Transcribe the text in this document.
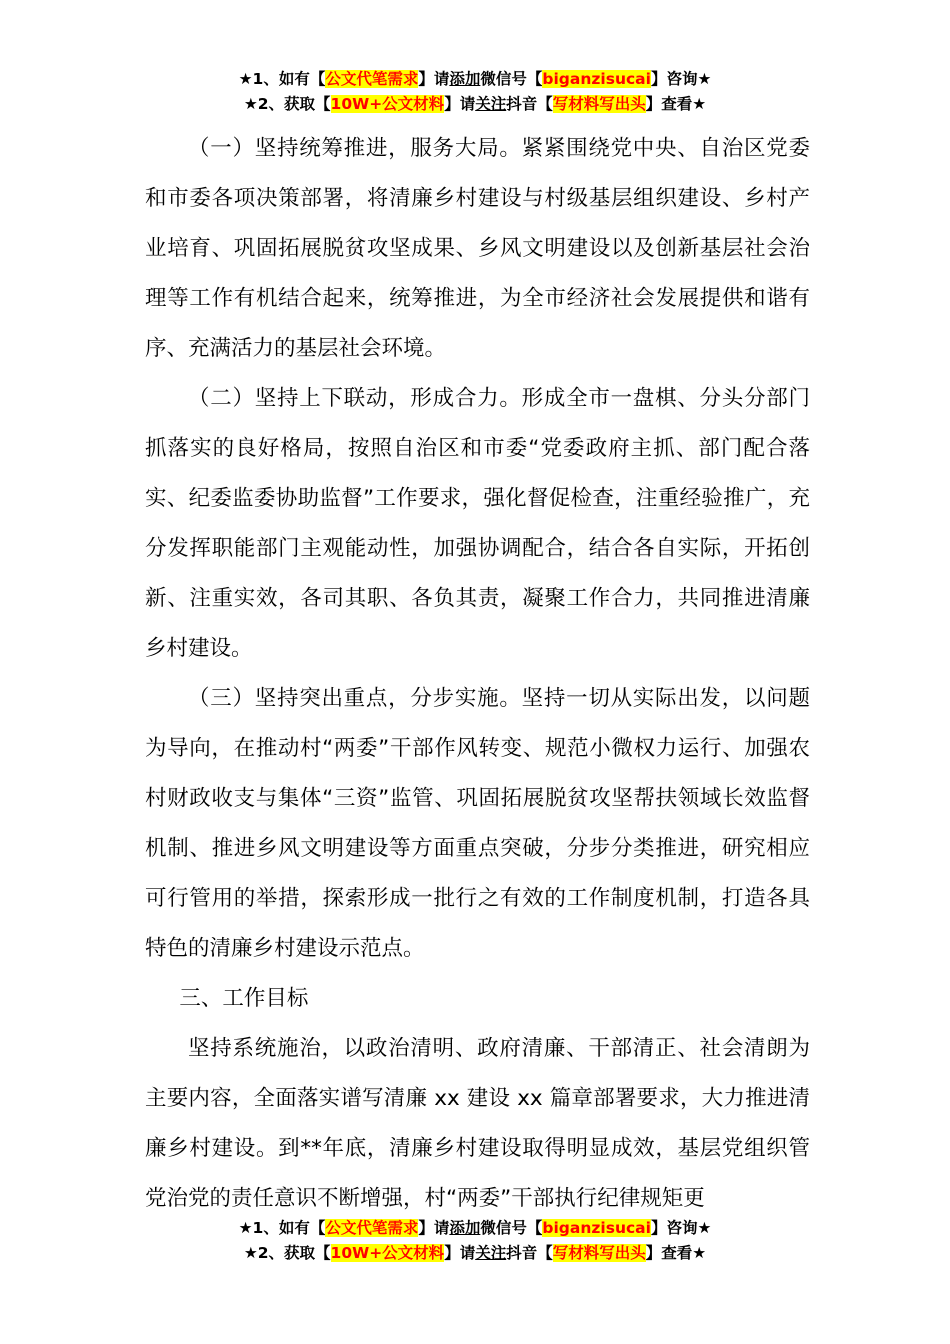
★1、如有【公文代笔需求】请添加微信号【biganzisucai】咨询★
★2、获取【10W+公文材料】请关注抖音【写材料写出头】查看★

（一）坚持统筹推进，服务大局。紧紧围绕党中央、自治区党委和市委各项决策部署，将清廉乡村建设与村级基层组织建设、乡村产业培育、巩固拓展脱贫攻坚成果、乡风文明建设以及创新基层社会治理等工作有机结合起来，统筹推进，为全市经济社会发展提供和谐有序、充满活力的基层社会环境。

（二）坚持上下联动，形成合力。形成全市一盘棋、分头分部门抓落实的良好格局，按照自治区和市委“党委政府主抓、部门配合落实、纪委监委协助监督”工作要求，强化督促检查，注重经验推广，充分发挥职能部门主观能动性，加强协调配合，结合各自实际，开拓创新、注重实效，各司其职、各负其责，凝聚工作合力，共同推进清廉乡村建设。

（三）坚持突出重点，分步实施。坚持一切从实际出发，以问题为导向，在推动村“两委”干部作风转变、规范小微权力运行、加强农村财政收支与集体“三资”监管、巩固拓展脱贫攻坚帮扶领域长效监督机制、推进乡风文明建设等方面重点突破，分步分类推进，研究相应可行管用的举措，探索形成一批行之有效的工作制度机制，打造各具特色的清廉乡村建设示范点。

三、工作目标

坚持系统施治，以政治清明、政府清廉、干部清正、社会清朗为主要内容，全面落实谱写清廉 xx 建设 xx 篇章部署要求，大力推进清廉乡村建设。到**年底，清廉乡村建设取得明显成效，基层党组织管党治党的责任意识不断增强，村“两委”干部执行纪律规矩更

★1、如有【公文代笔需求】请添加微信号【biganzisucai】咨询★
★2、获取【10W+公文材料】请关注抖音【写材料写出头】查看★
